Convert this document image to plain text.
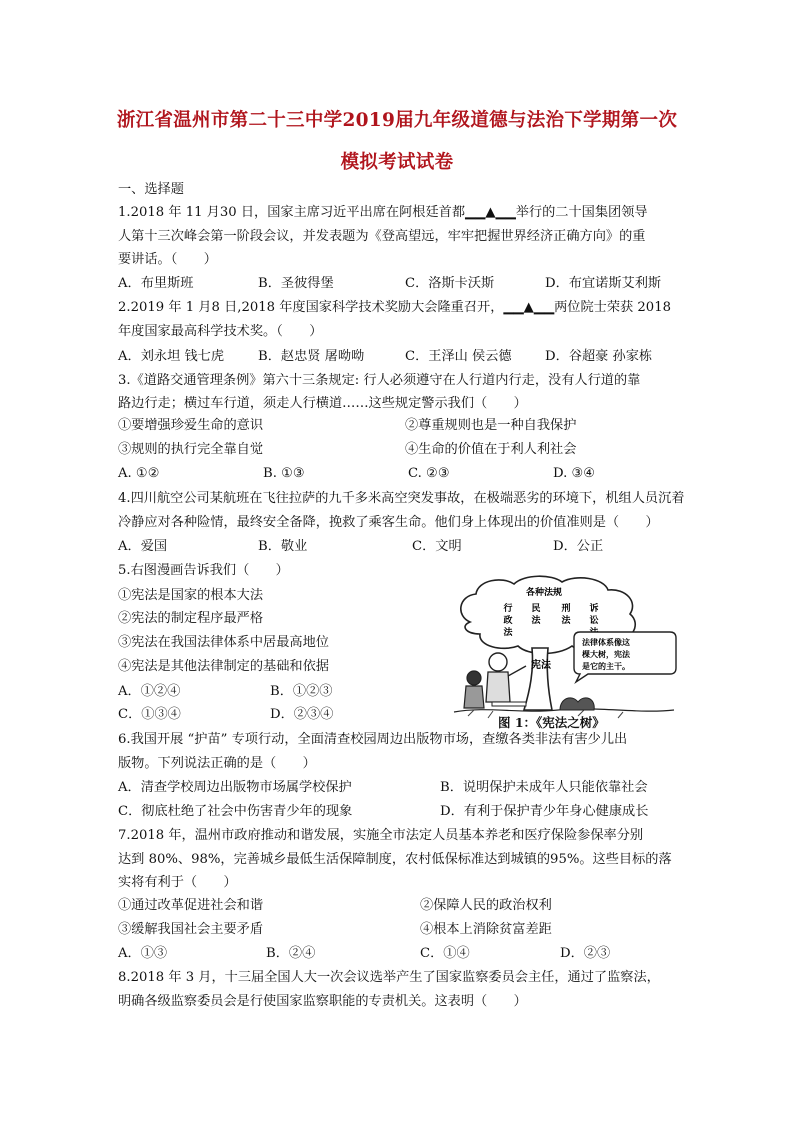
浙江省温州市第二十三中学2019届九年级道德与法治下学期第一次
模拟考试试卷
一、选择题
1.2018 年 11 月30 日，国家主席习近平出席在阿根廷首都▁▁▲▁▁举行的二十国集团领导
人第十三次峰会第一阶段会议，并发表题为《登高望远，牢牢把握世界经济正确方向》的重
要讲话。（　　）
A．布里斯班	B．圣彼得堡	C．洛斯卡沃斯	D．布宜诺斯艾利斯
2.2019 年 1 月8 日,2018 年度国家科学技术奖励大会隆重召开，▁▁▲▁▁两位院士荣获 2018
年度国家最高科学技术奖。（　　）
A．刘永坦 钱七虎	B．赵忠贤 屠呦呦	C．王泽山 侯云德	D．谷超豪 孙家栋
3.《道路交通管理条例》第六十三条规定: 行人必须遵守在人行道内行走，没有人行道的靠
路边行走；横过车行道，须走人行横道……这些规定警示我们（　　）
①要增强珍爱生命的意识	②尊重规则也是一种自我保护
③规则的执行完全靠自觉	④生命的价值在于利人利社会
A. ①②	B. ①③	C. ②③	D. ③④
4.四川航空公司某航班在飞往拉萨的九千多米高空突发事故，在极端恶劣的环境下，机组人员沉着
冷静应对各种险情，最终安全备降，挽救了乘客生命。他们身上体现出的价值准则是（　　）
A．爱国	B．敬业	C．文明	D．公正
5.右图漫画告诉我们（　　）
①宪法是国家的根本大法
②宪法的制定程序最严格
③宪法在我国法律体系中居最高地位
④宪法是其他法律制定的基础和依据
A．①②④	B．①②③
C．①③④	D．②③④
各种法规
行 民 刑 诉
政 法 法 讼
法
宪法
法律体系像这
棵大树，宪法
是它的主干。
图 1：《宪法之树》
6.我国开展 “护苗” 专项行动，全面清查校园周边出版物市场，查缴各类非法有害少儿出
版物。下列说法正确的是（　　）
A．清查学校周边出版物市场属学校保护	B．说明保护未成年人只能依靠社会
C．彻底杜绝了社会中伤害青少年的现象	D．有利于保护青少年身心健康成长
7.2018 年，温州市政府推动和谐发展，实施全市法定人员基本养老和医疗保险参保率分别
达到 80%、98%，完善城乡最低生活保障制度，农村低保标准达到城镇的95%。这些目标的落
实将有利于（　　）
①通过改革促进社会和谐	②保障人民的政治权利
③缓解我国社会主要矛盾	④根本上消除贫富差距
A．①③	B．②④	C．①④	D．②③
8.2018 年 3 月，十三届全国人大一次会议选举产生了国家监察委员会主任，通过了监察法，
明确各级监察委员会是行使国家监察职能的专责机关。这表明（　　）
